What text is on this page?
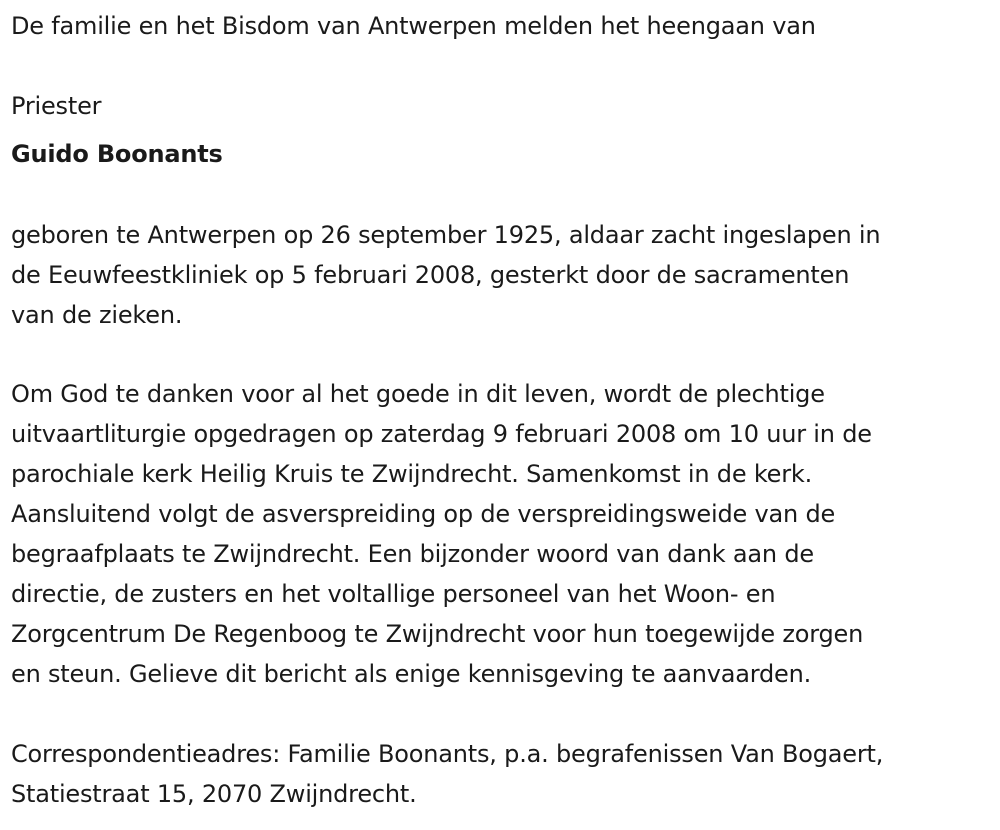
De familie en het Bisdom van Antwerpen melden het heengaan van
Priester
Guido Boonants
geboren te Antwerpen op 26 september 1925, aldaar zacht ingeslapen in
de Eeuwfeestkliniek op 5 februari 2008, gesterkt door de sacramenten
van de zieken.
Om God te danken voor al het goede in dit leven, wordt de plechtige
uitvaartliturgie opgedragen op zaterdag 9 februari 2008 om 10 uur in de
parochiale kerk Heilig Kruis te Zwijndrecht. Samenkomst in de kerk.
Aansluitend volgt de asverspreiding op de verspreidingsweide van de
begraafplaats te Zwijndrecht. Een bijzonder woord van dank aan de
directie, de zusters en het voltallige personeel van het Woon- en
Zorgcentrum De Regenboog te Zwijndrecht voor hun toegewijde zorgen
en steun. Gelieve dit bericht als enige kennisgeving te aanvaarden.
Correspondentieadres: Familie Boonants, p.a. begrafenissen Van Bogaert,
Statiestraat 15, 2070 Zwijndrecht.
